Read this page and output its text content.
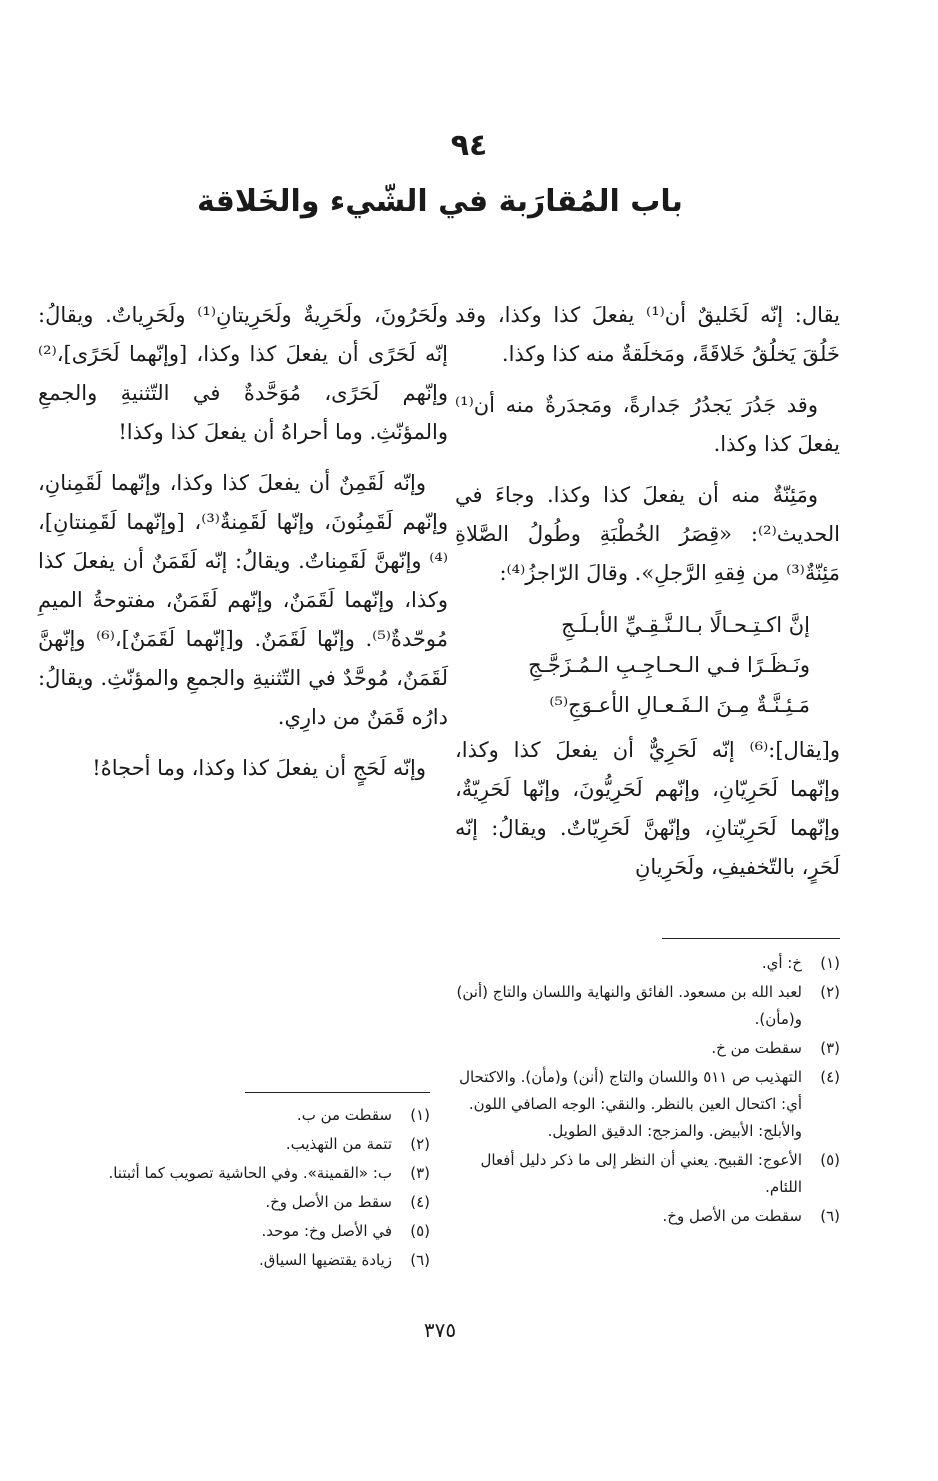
٩٤
باب المُقارَبة في الشّيء والخَلاقة

يقال: إنّه لَخَليقٌ أن⁽¹⁾ يفعلَ كذا وكذا، وقد خَلُقَ يَخلُقُ خَلاقَةً، ومَخلَقةٌ منه كذا وكذا.

وقد جَدُرَ يَجدُرُ جَدارةً، ومَجدَرةٌ منه أن⁽¹⁾ يفعلَ كذا وكذا.

ومَئِنّةٌ منه أن يفعلَ كذا وكذا. وجاءَ في الحديث⁽²⁾: «قِصَرُ الخُطْبَةِ وطُولُ الصَّلاةِ مَئِنّةٌ⁽³⁾ من فِقهِ الرَّجلِ». وقالَ الرّاجزُ⁽⁴⁾:

إنَّ اكـتِـحـالًا بـالـنَّـقِـيِّ الأبـلَـجِ
ونَـظَـرًا فـي الـحـاجِـبِ الـمُـزَجَّـجِ
مَـئِـنَّـةٌ مِـنَ الـفَـعـالِ الأعـوَجِ⁽⁵⁾

و[يقال]:⁽⁶⁾ إنّه لَحَرِيٌّ أن يفعلَ كذا وكذا، وإنّهما لَحَرِيّانِ، وإنّهم لَحَرِيُّونَ، وإنّها لَحَرِيّةٌ، وإنّهما لَحَرِيّتانِ، وإنّهنَّ لَحَرِيّاتٌ. ويقالُ: إنّه لَحَرٍ، بالتّخفيفِ، ولَحَرِيانِ

ولَحَرُونَ، ولَحَرِيةٌ ولَحَرِيتانِ⁽¹⁾ ولَحَرِياتٌ. ويقالُ: إنّه لَحَرًى أن يفعلَ كذا وكذا، [وإنّهما لَحَرًى]،⁽²⁾ وإنّهم لَحَرًى، مُوَحَّدةٌ في التّثنيةِ والجمعِ والمؤنّثِ. وما أحراهُ أن يفعلَ كذا وكذا!

وإنّه لَقَمِنٌ أن يفعلَ كذا وكذا، وإنّهما لَقَمِنانِ، وإنّهم لَقَمِنُونَ، وإنّها لَقَمِنةٌ⁽³⁾، [وإنّهما لَقَمِنتانِ]،⁽⁴⁾ وإنّهنَّ لَقَمِناتٌ. ويقالُ: إنّه لَقَمَنٌ أن يفعلَ كذا وكذا، وإنّهما لَقَمَنٌ، وإنّهم لَقَمَنٌ، مفتوحةُ الميمِ مُوحّدةٌ⁽⁵⁾. وإنّها لَقَمَنٌ. و[إنّهما لَقَمَنٌ]،⁽⁶⁾ وإنّهنَّ لَقَمَنٌ، مُوحَّدٌ في التّثنيةِ والجمعِ والمؤنّثِ. ويقالُ: دارُه قَمَنٌ من دارِي.

وإنّه لَحَجٍ أن يفعلَ كذا وكذا، وما أحجاهُ!

(١)
خ: أي.
(٢)
لعبد الله بن مسعود. الفائق والنهاية واللسان والتاج (أنن) و(مأن).
(٣)
سقطت من خ.
(٤)
التهذيب ص ٥١١ واللسان والتاج (أنن) و(مأن). والاكتحال أي: اكتحال العين بالنظر. والنقي: الوجه الصافي اللون. والأبلج: الأبيض. والمزجج: الدقيق الطويل.
(٥)
الأعوج: القبيح. يعني أن النظر إلى ما ذكر دليل أفعال اللئام.
(٦)
سقطت من الأصل وخ.
(١)
سقطت من ب.
(٢)
تتمة من التهذيب.
(٣)
ب: «القمينة». وفي الحاشية تصويب كما أثبتنا.
(٤)
سقط من الأصل وخ.
(٥)
في الأصل وخ: موحد.
(٦)
زيادة يقتضيها السياق.
٣٧٥
